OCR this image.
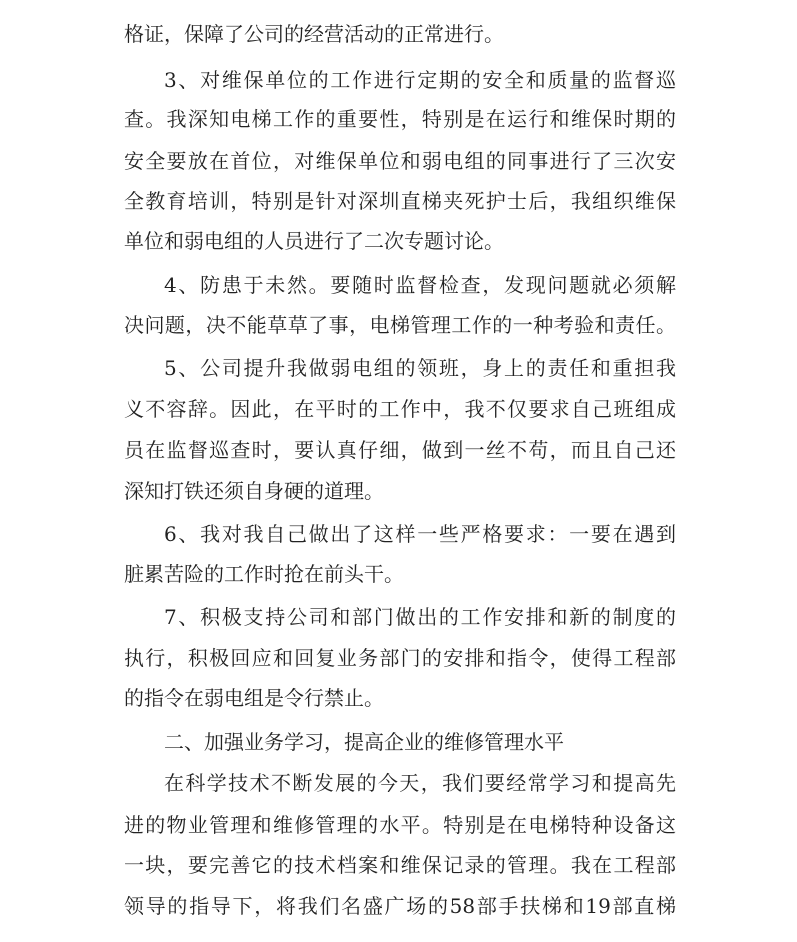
格证，保障了公司的经营活动的正常进行。
3、对维保单位的工作进行定期的安全和质量的监督巡
查。我深知电梯工作的重要性，特别是在运行和维保时期的
安全要放在首位，对维保单位和弱电组的同事进行了三次安
全教育培训，特别是针对深圳直梯夹死护士后，我组织维保
单位和弱电组的人员进行了二次专题讨论。
4、防患于未然。要随时监督检查，发现问题就必须解
决问题，决不能草草了事，电梯管理工作的一种考验和责任。
5、公司提升我做弱电组的领班，身上的责任和重担我
义不容辞。因此，在平时的工作中，我不仅要求自己班组成
员在监督巡查时，要认真仔细，做到一丝不苟，而且自己还
深知打铁还须自身硬的道理。
6、我对我自己做出了这样一些严格要求：一要在遇到
脏累苦险的工作时抢在前头干。
7、积极支持公司和部门做出的工作安排和新的制度的
执行，积极回应和回复业务部门的安排和指令，使得工程部
的指令在弱电组是令行禁止。
二、加强业务学习，提高企业的维修管理水平
在科学技术不断发展的今天，我们要经常学习和提高先
进的物业管理和维修管理的水平。特别是在电梯特种设备这
一块，要完善它的技术档案和维保记录的管理。我在工程部
领导的指导下，将我们名盛广场的58部手扶梯和19部直梯
